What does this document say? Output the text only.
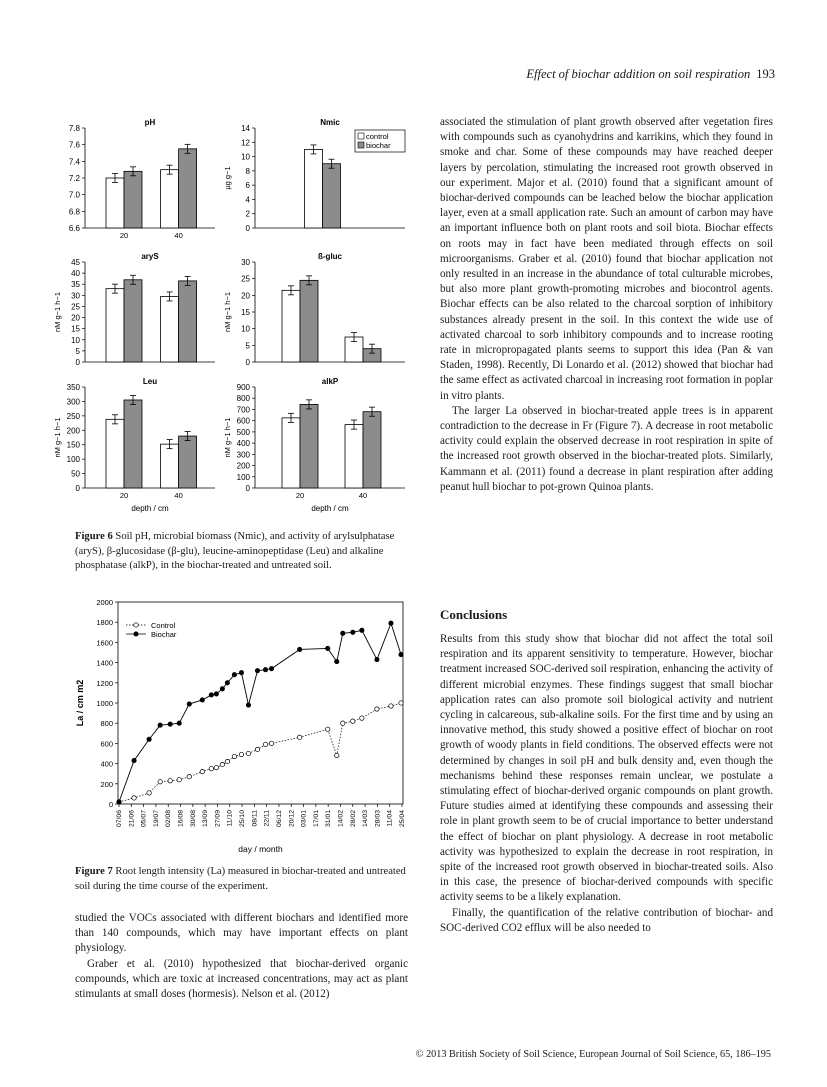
Effect of biochar addition on soil respiration 193
6.6
6.8
7.0
7.2
7.4
7.6
7.8
pH
20	40
0
2
4
6
8
10
12
14
Nmic
µg g−1
control
biochar
0
5
10
15
20
25
30
35
40
45
aryS
nM g−1 h−1
0
5
10
15
20
25
30
ß-gluc
nM g−1 h−1
0
50
100
150
200
250
300
350
Leu
nM g−1 h−1
20	40
depth / cm
0
100
200
300
400
500
600
700
800
900
alkP
nM g−1 h−1
20	40
depth / cm
Figure 6 Soil pH, microbial biomass (Nmic), and activity of arylsulphatase (aryS), β-glucosidase (β-glu), leucine-aminopeptidase (Leu) and alkaline phosphatase (alkP), in the biochar-treated and untreated soil.
0
200
400
600
800
1000
1200
1400
1600
1800
2000
07/06 21/06 05/07 19/07 02/08 16/08 30/08 13/09 27/09 11/10 25/10 08/11 22/11 06/12 20/12 03/01 17/01 31/01 14/02 28/02 14/03 28/03 11/04 25/04
day / month
La / cm m2
Control
Biochar
Figure 7 Root length intensity (La) measured in biochar-treated and untreated soil during the time course of the experiment.

studied the VOCs associated with different biochars and identified more than 140 compounds, which may have important effects on plant physiology.

Graber et al. (2010) hypothesized that biochar-derived organic compounds, which are toxic at increased concentrations, may act as plant stimulants at small doses (hormesis). Nelson et al. (2012)

associated the stimulation of plant growth observed after vegetation fires with compounds such as cyanohydrins and karrikins, which they found in smoke and char. Some of these compounds may have reached deeper layers by percolation, stimulating the increased root growth observed in our experiment. Major et al. (2010) found that a significant amount of biochar-derived compounds can be leached below the biochar application layer, even at a small application rate. Such an amount of carbon may have an important influence both on plant roots and soil biota. Biochar effects on roots may in fact have been mediated through effects on soil microorganisms. Graber et al. (2010) found that biochar application not only resulted in an increase in the abundance of total culturable microbes, but also more plant growth-promoting microbes and biocontrol agents. Biochar effects can be also related to the charcoal sorption of inhibitory substances already present in the soil. In this context the wide use of activated charcoal to sorb inhibitory compounds and to increase rooting rate in micropropagated plants seems to support this idea (Pan & van Staden, 1998). Recently, Di Lonardo et al. (2012) showed that biochar had the same effect as activated charcoal in increasing root formation in poplar in vitro plants.

The larger La observed in biochar-treated apple trees is in apparent contradiction to the decrease in Fr (Figure 7). A decrease in root metabolic activity could explain the observed decrease in root respiration in spite of the increased root growth observed in the biochar-treated plots. Similarly, Kammann et al. (2011) found a decrease in plant respiration after adding peanut hull biochar to pot-grown Quinoa plants.

Conclusions

Results from this study show that biochar did not affect the total soil respiration and its apparent sensitivity to temperature. However, biochar treatment increased SOC-derived soil respiration, enhancing the activity of different microbial enzymes. These findings suggest that small biochar application rates can also promote soil biological activity and nutrient cycling in calcareous, sub-alkaline soils. For the first time and by using an innovative method, this study showed a positive effect of biochar on root growth of woody plants in field conditions. The observed effects were not determined by changes in soil pH and bulk density and, even though the mechanisms behind these responses remain unclear, we postulate a stimulating effect of biochar-derived organic compounds on plant growth. Future studies aimed at identifying these compounds and assessing their role in plant growth seem to be of crucial importance to better understand the effect of biochar on plant physiology. A decrease in root metabolic activity was hypothesized to explain the decrease in root respiration, in spite of the increased root growth observed in biochar-treated soils. Also in this case, the presence of biochar-derived compounds with specific activity seems to be a likely explanation.

Finally, the quantification of the relative contribution of biochar- and SOC-derived CO2 efflux will be also needed to

© 2013 British Society of Soil Science, European Journal of Soil Science, 65, 186–195
